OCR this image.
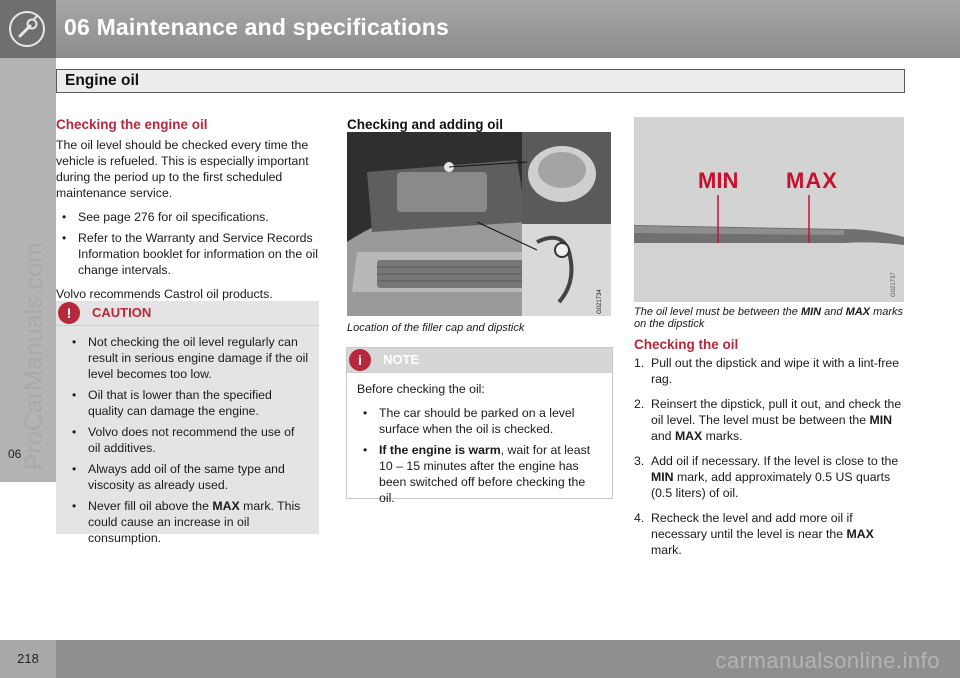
06 Maintenance and specifications
Engine oil
06
ProCarManuals.com
Checking the engine oil

The oil level should be checked every time the vehicle is refueled. This is especially important during the period up to the first scheduled maintenance service.

• See page 276 for oil specifications.
• Refer to the Warranty and Service Records Information booklet for information on the oil change intervals.

Volvo recommends Castrol oil products.

!	CAUTION
• Not checking the oil level regularly can result in serious engine damage if the oil level becomes too low.
• Oil that is lower than the specified quality can damage the engine.
• Volvo does not recommend the use of oil additives.
• Always add oil of the same type and viscosity as already used.
• Never fill oil above the MAX mark. This could cause an increase in oil consumption.
Checking and adding oil
G021734
Location of the filler cap and dipstick
i	NOTE

Before checking the oil:

• The car should be parked on a level surface when the oil is checked.
• If the engine is warm, wait for at least 10 – 15 minutes after the engine has been switched off before checking the oil.
MIN MAX
G021737
The oil level must be between the MIN and MAX marks on the dipstick
Checking the oil
1. Pull out the dipstick and wipe it with a lint-free rag.
2. Reinsert the dipstick, pull it out, and check the oil level. The level must be between the MIN and MAX marks.
3. Add oil if necessary. If the level is close to the MIN mark, add approximately 0.5 US quarts (0.5 liters) of oil.
4. Recheck the level and add more oil if necessary until the level is near the MAX mark.
218	carmanualsonline.info
